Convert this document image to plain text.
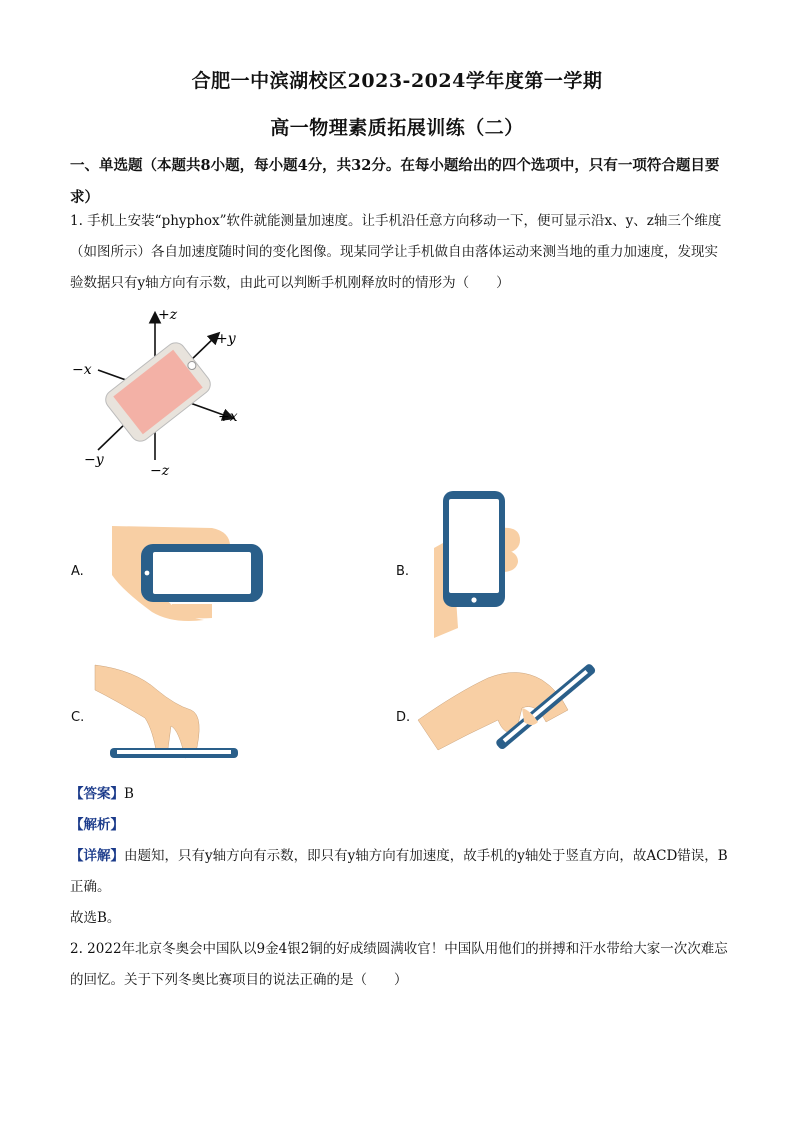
合肥一中滨湖校区2023-2024学年度第一学期
高一物理素质拓展训练（二）
一、单选题（本题共8小题，每小题4分，共32分。在每小题给出的四个选项中，只有一项符合题目要求）
1. 手机上安装“phyphox”软件就能测量加速度。让手机沿任意方向移动一下，便可显示沿x、y、z轴三个维度（如图所示）各自加速度随时间的变化图像。现某同学让手机做自由落体运动来测当地的重力加速度，发现实验数据只有y轴方向有示数，由此可以判断手机刚释放时的情形为（　　）
+z
+y
−x
+x
−y
−z
A.	B.
C.	D.
【答案】B
【解析】
【详解】由题知，只有y轴方向有示数，即只有y轴方向有加速度，故手机的y轴处于竖直方向，故ACD错误，B正确。
故选B。
2. 2022年北京冬奥会中国队以9金4银2铜的好成绩圆满收官！中国队用他们的拼搏和汗水带给大家一次次难忘的回忆。关于下列冬奥比赛项目的说法正确的是（　　）
